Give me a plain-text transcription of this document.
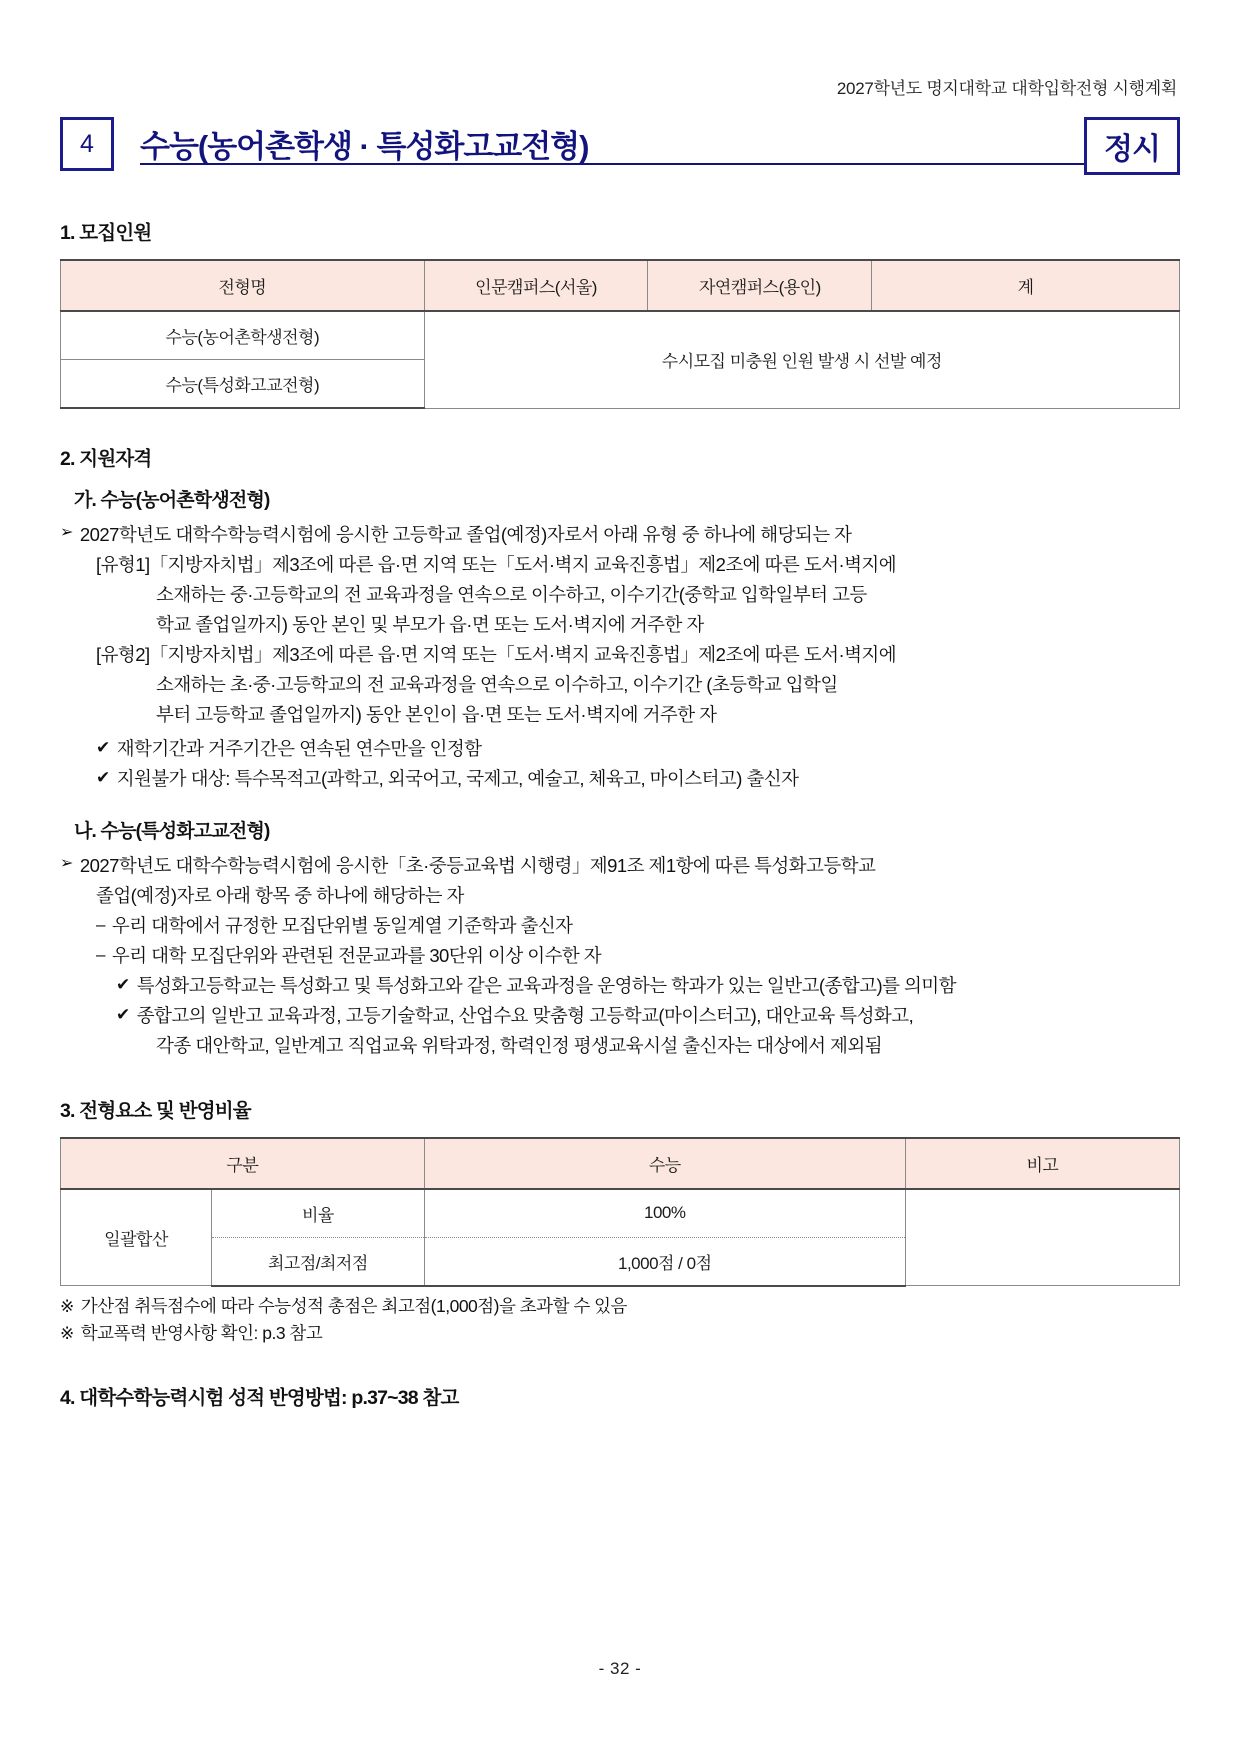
2027학년도 명지대학교 대학입학전형 시행계획
4	수능(농어촌학생 · 특성화고교전형)	정시
1. 모집인원
전형명	인문캠퍼스(서울)	자연캠퍼스(용인)	계
수능(농어촌학생전형)	수시모집 미충원 인원 발생 시 선발 예정		
수능(특성화고교전형)			
2. 지원자격
가. 수능(농어촌학생전형)
➢ 2027학년도 대학수학능력시험에 응시한 고등학교 졸업(예정)자로서 아래 유형 중 하나에 해당되는 자
[유형1] 「지방자치법」제3조에 따른 읍·면 지역 또는「도서·벽지 교육진흥법」제2조에 따른 도서·벽지에
소재하는 중·고등학교의 전 교육과정을 연속으로 이수하고, 이수기간(중학교 입학일부터 고등
학교 졸업일까지) 동안 본인 및 부모가 읍·면 또는 도서·벽지에 거주한 자
[유형2] 「지방자치법」제3조에 따른 읍·면 지역 또는「도서·벽지 교육진흥법」제2조에 따른 도서·벽지에
소재하는 초·중·고등학교의 전 교육과정을 연속으로 이수하고, 이수기간 (초등학교 입학일
부터 고등학교 졸업일까지) 동안 본인이 읍·면 또는 도서·벽지에 거주한 자
✔ 재학기간과 거주기간은 연속된 연수만을 인정함
✔ 지원불가 대상: 특수목적고(과학고, 외국어고, 국제고, 예술고, 체육고, 마이스터고) 출신자
나. 수능(특성화고교전형)
➢ 2027학년도 대학수학능력시험에 응시한「초·중등교육법 시행령」제91조 제1항에 따른 특성화고등학교
졸업(예정)자로 아래 항목 중 하나에 해당하는 자
– 우리 대학에서 규정한 모집단위별 동일계열 기준학과 출신자
– 우리 대학 모집단위와 관련된 전문교과를 30단위 이상 이수한 자
✔ 특성화고등학교는 특성화고 및 특성화고와 같은 교육과정을 운영하는 학과가 있는 일반고(종합고)를 의미함
✔ 종합고의 일반고 교육과정, 고등기술학교, 산업수요 맞춤형 고등학교(마이스터고), 대안교육 특성화고,
각종 대안학교, 일반계고 직업교육 위탁과정, 학력인정 평생교육시설 출신자는 대상에서 제외됨
3. 전형요소 및 반영비율
구분		수능	비고
일괄합산	비율	100%	
	최고점/최저점	1,000점 / 0점	
※ 가산점 취득점수에 따라 수능성적 총점은 최고점(1,000점)을 초과할 수 있음
※ 학교폭력 반영사항 확인: p.3 참고
4. 대학수학능력시험 성적 반영방법: p.37~38 참고
- 32 -
